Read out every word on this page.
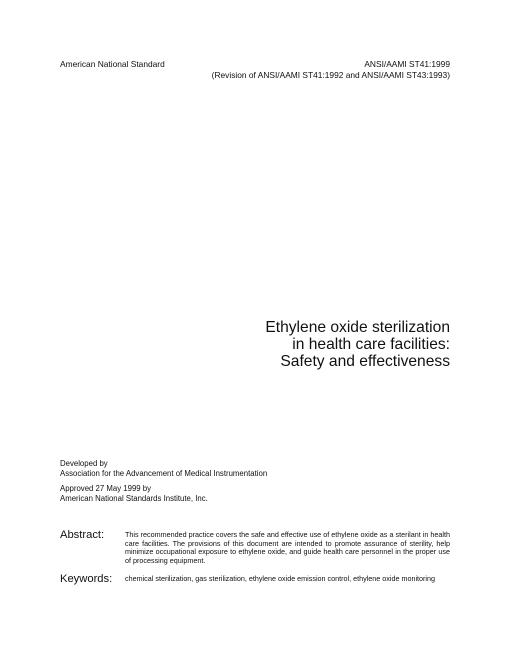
American National Standard	ANSI/AAMI ST41:1999
(Revision of ANSI/AAMI ST41:1992 and ANSI/AAMI ST43:1993)
Ethylene oxide sterilization
in health care facilities:
Safety and effectiveness
Developed by
Association for the Advancement of Medical Instrumentation
Approved 27 May 1999 by
American National Standards Institute, Inc.
Abstract:	This recommended practice covers the safe and effective use of ethylene oxide as a sterilant in health care facilities. The provisions of this document are intended to promote assurance of sterility, help minimize occupational exposure to ethylene oxide, and guide health care personnel in the proper use of processing equipment.
Keywords:	chemical sterilization, gas sterilization, ethylene oxide emission control, ethylene oxide monitoring
